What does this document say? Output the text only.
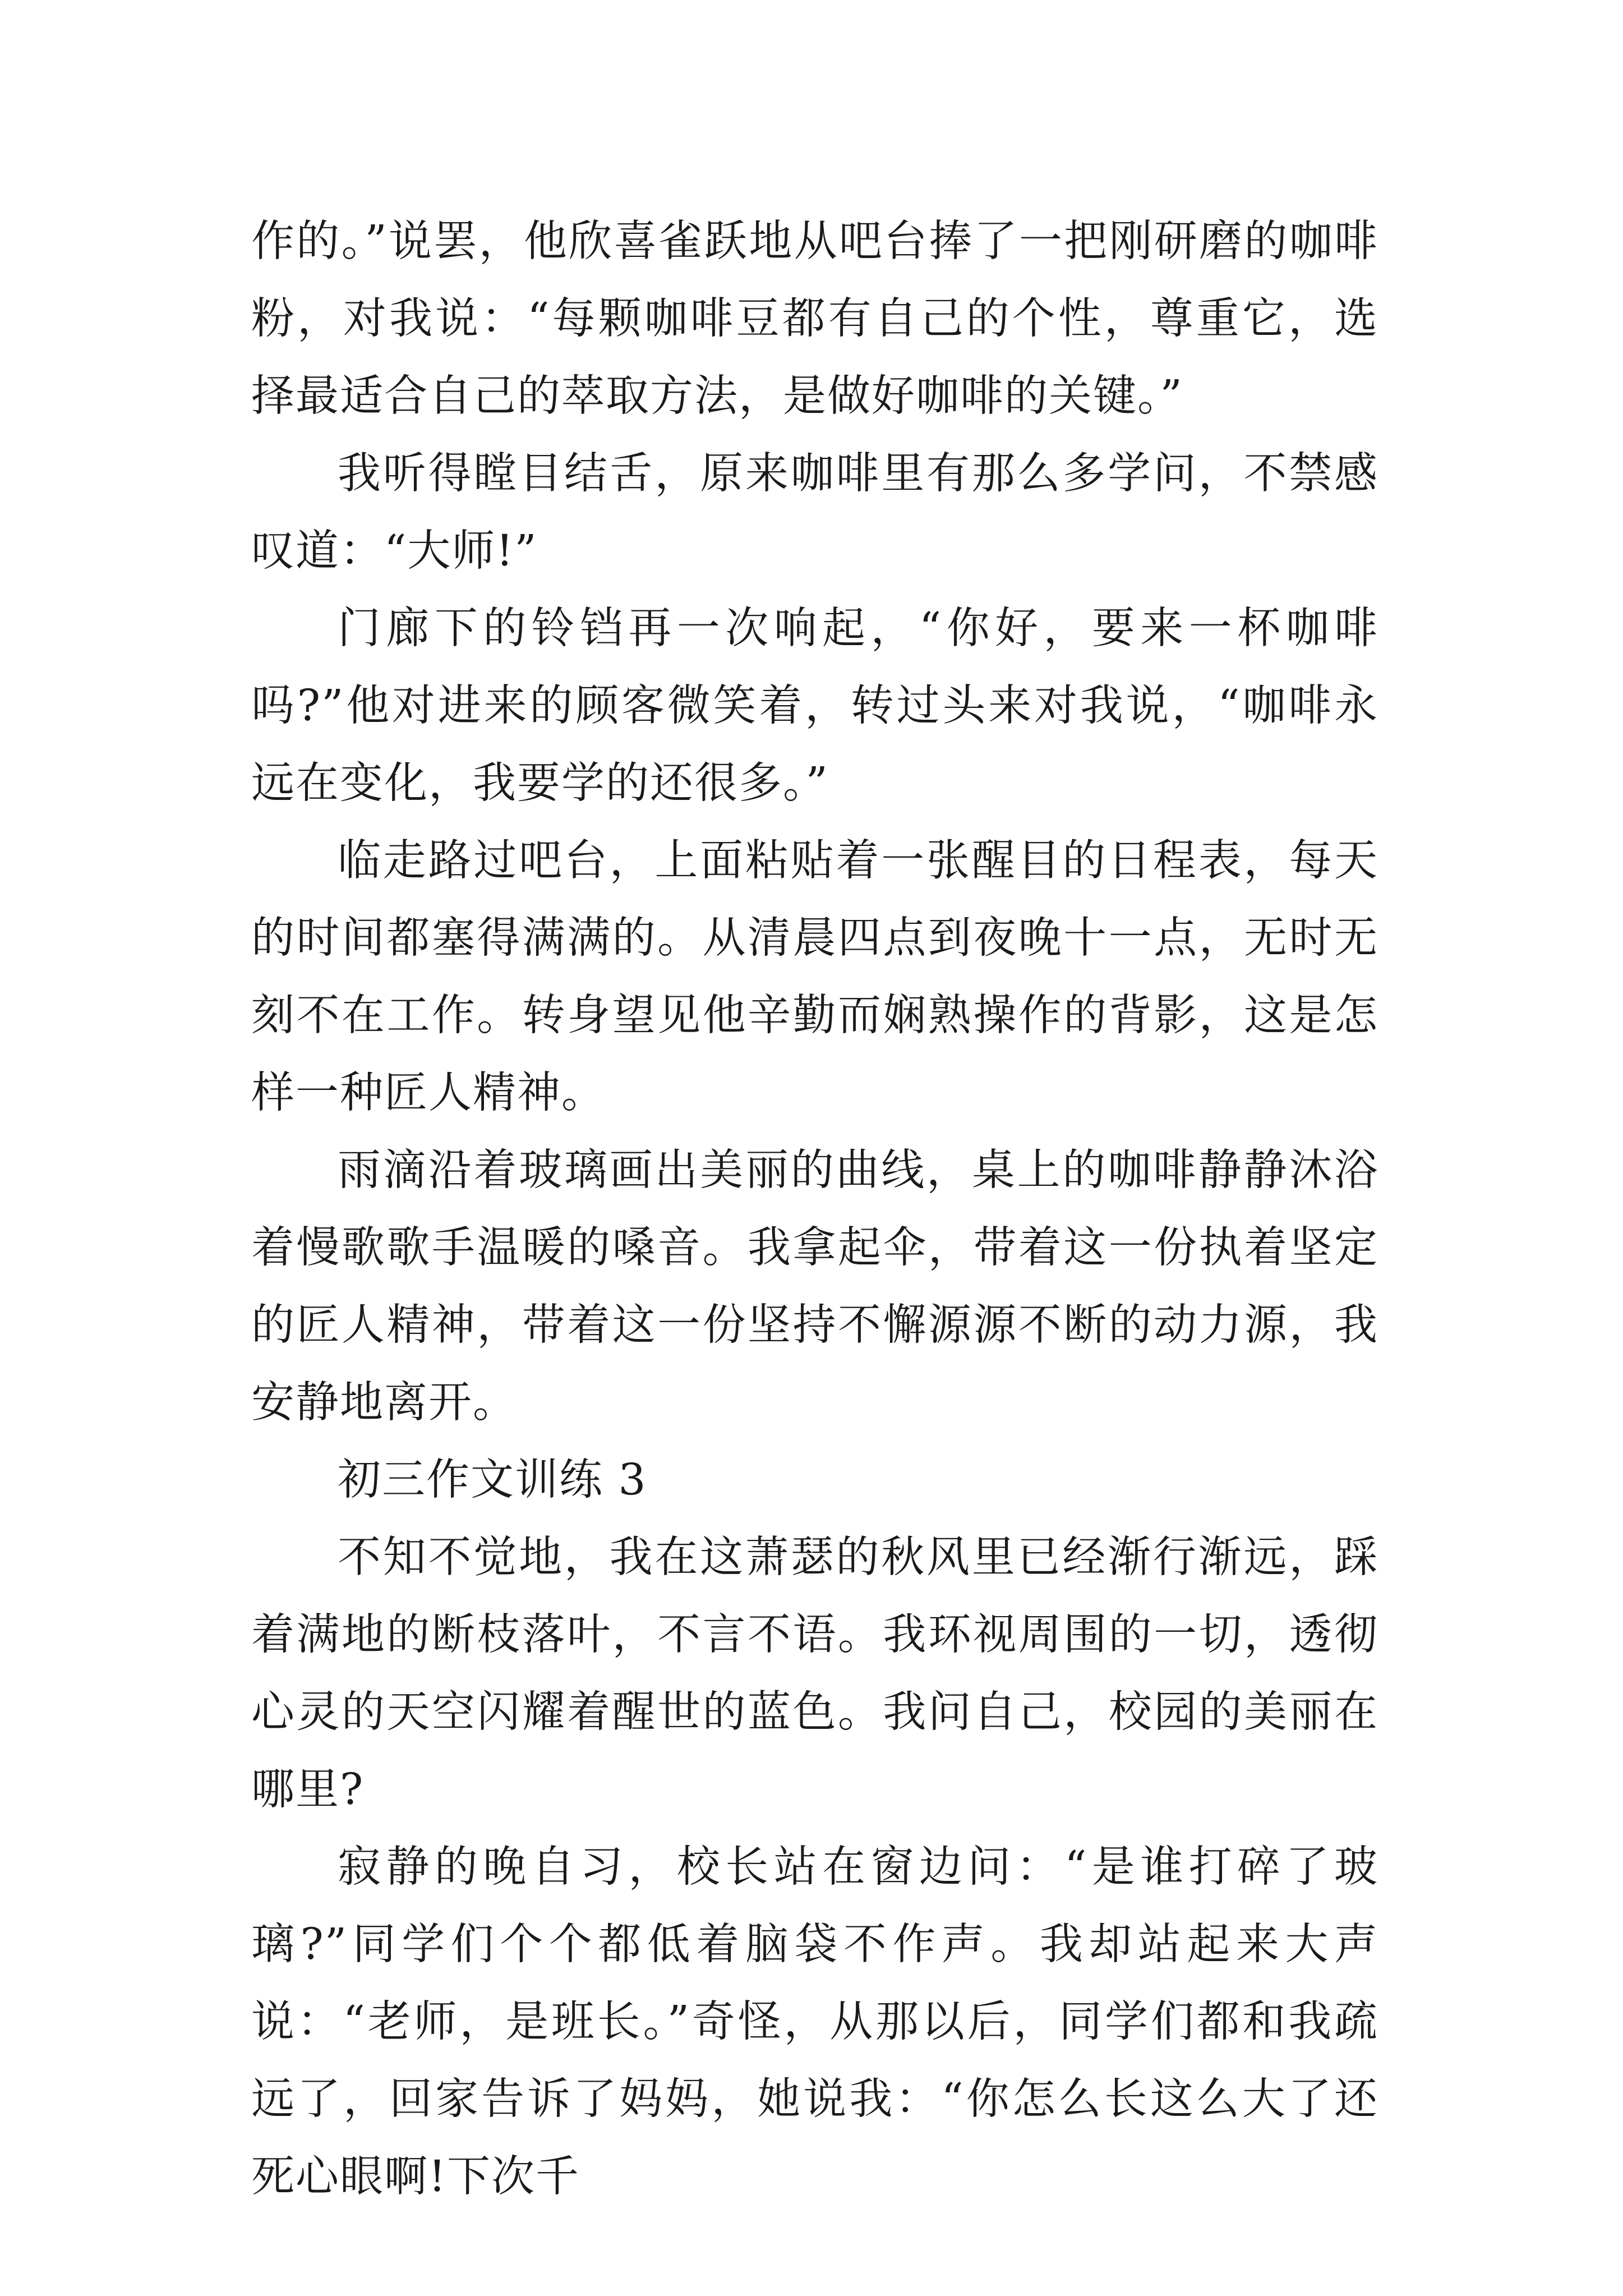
作的。”说罢，他欣喜雀跃地从吧台捧了一把刚研磨的咖啡粉，对我说：“每颗咖啡豆都有自己的个性，尊重它，选择最适合自己的萃取方法，是做好咖啡的关键。”

我听得瞠目结舌，原来咖啡里有那么多学问，不禁感叹道：“大师!”

门廊下的铃铛再一次响起，“你好，要来一杯咖啡吗?”他对进来的顾客微笑着，转过头来对我说，“咖啡永远在变化，我要学的还很多。”

临走路过吧台，上面粘贴着一张醒目的日程表，每天的时间都塞得满满的。从清晨四点到夜晚十一点，无时无刻不在工作。转身望见他辛勤而娴熟操作的背影，这是怎样一种匠人精神。

雨滴沿着玻璃画出美丽的曲线，桌上的咖啡静静沐浴着慢歌歌手温暖的嗓音。我拿起伞，带着这一份执着坚定的匠人精神，带着这一份坚持不懈源源不断的动力源，我安静地离开。

初三作文训练 3

不知不觉地，我在这萧瑟的秋风里已经渐行渐远，踩着满地的断枝落叶，不言不语。我环视周围的一切，透彻心灵的天空闪耀着醒世的蓝色。我问自己，校园的美丽在哪里?

寂静的晚自习，校长站在窗边问：“是谁打碎了玻璃?”同学们个个都低着脑袋不作声。我却站起来大声说：“老师，是班长。”奇怪，从那以后，同学们都和我疏远了，回家告诉了妈妈，她说我：“你怎么长这么大了还死心眼啊!下次千
